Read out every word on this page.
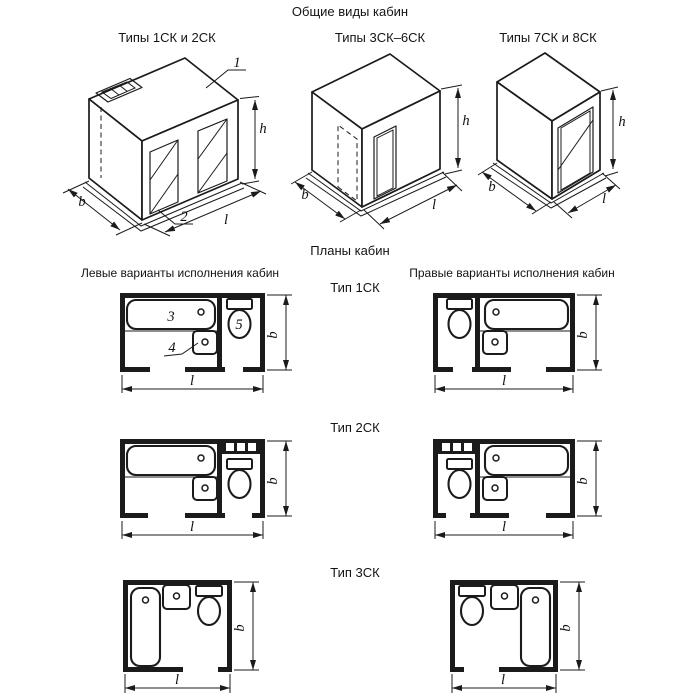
Общие виды кабин
Типы 1СК и 2СК	Типы 3СК–6СК	Типы 7СК и 8СК
h
b
l
1
2
h
b
l
h
b
l
Планы кабин
Левые варианты исполнения кабин	Правые варианты исполнения кабин
Тип 1СК
Тип 2СК
Тип 3СК
3
4
5
b
l
b
l
b
l
b
l
b
l
b
l
